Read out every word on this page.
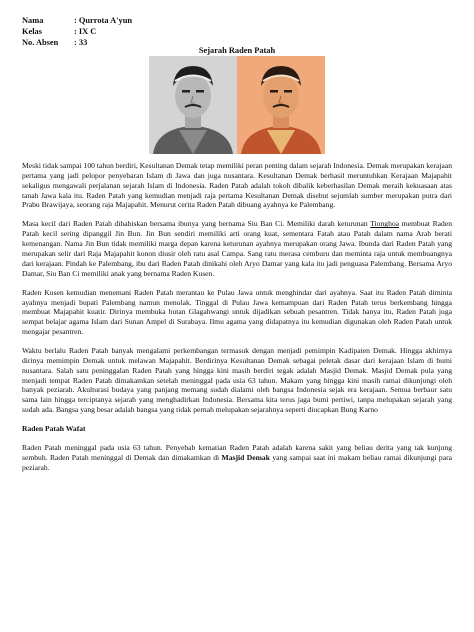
Nama	: Qurrota A'yun
Kelas	: IX C
No. Absen	: 33
Sejarah Raden Patah

Meski tidak sampai 100 tahun berdiri, Kesultanan Demak tetap memiliki peran penting dalam sejarah Indonesia. Demak merupakan kerajaan pertama yang jadi pelopor penyebaran Islam di Jawa dan juga nusantara. Kesultanan Demak berhasil meruntuhkan Kerajaan Majapahit sekaligus mengawali perjalanan sejarah Islam di Indonesia. Raden Patah adalah tokoh dibalik keberhasilan Demak meraih kekuasaan atas tanah Jawa kala itu. Raden Patah yang kemudian menjadi raja pertama Kesultanan Demak disebut sejumlah sumber merupakan putra dari Prabu Brawijaya, seorang raja Majapahit. Menurut cerita Raden Patah dibuang ayahnya ke Palembang.

Masa kecil dari Raden Patah dihabiskan bersama ibunya yang bernama Siu Ban Ci. Memiliki darah keturunan Tionghoa membuat Raden Patah kecil sering dipanggil Jin Bun. Jin Bun sendiri memiliki arti orang kuat, sementara Fatah atau Patah dalam nama Arab berati kemenangan. Nama Jin Bun tidak memiliki marga depan karena keturunan ayahnya merupakan orang Jawa. Ibunda dari Raden Patah yang merupakan selir dari Raja Majapahit konon diusir oleh ratu asal Campa. Sang ratu merasa cemburu dan meminta raja untuk membuangnya dari kerajaan. Pindah ke Palembang, ibu dari Raden Patah dinikahi oleh Aryo Damar yang kala itu jadi penguasa Palembang. Bersama Aryo Damar, Siu Ban Ci memiliki anak yang bernama Raden Kusen.

Raden Kusen kemudian menemani Raden Patah merantau ke Pulau Jawa untuk menghindar dari ayahnya. Saat itu Raden Patah diminta ayahnya menjadi bupati Palembang namun menolak. Tinggal di Pulau Jawa kemampuan dari Raden Patah terus berkembang hingga membuat Majapahit kuatir. Dirinya membuka hutan Glagahwangi untuk dijadikan sebuah pesantren. Tidak hanya itu, Raden Patah juga sempat belajar agama Islam dari Sunan Ampel di Surabaya. Ilmu agama yang didapatnya itu kemudian digunakan oleh Raden Patah untuk mengajar pesantren.

Waktu berlalu Raden Patah banyak mengalami perkembangan termasuk dengan menjadi pemimpin Kadipaten Demak. Hingga akhirnya dirinya memimpin Demak untuk melawan Majapahit. Berdirinya Kesultanan Demak sebagai peletak dasar dari kerajaan Islam di bumi nusantara. Salah satu peninggalan Raden Patah yang hingga kini masih berdiri tegak adalah Masjid Demak. Masjid Demak pula yang menjadi tempat Raden Patah dimakamkan setelah meninggal pada usia 63 tahun. Makam yang hingga kini masih ramai dikunjungi oleh banyak peziarah. Akulturasi budaya yang panjang memang sudah dialami oleh bangsa Indonesia sejak era kerajaan. Semua berbaur satu sama lain hingga terciptanya sejarah yang menghadirkan Indonesia. Bersama kita terus jaga bumi pertiwi, tanpa melupakan sejarah yang sudah ada. Bangsa yang besar adalah bangsa yang tidak pernah melupakan sejarahnya seperti diucapkan Bung Karno

Raden Patah Wafat

Raden Patah meninggal pada usia 63 tahun. Penyebab kematian Raden Patah adalah karena sakit yang beliau derita yang tak kunjung sembuh. Raden Patah meninggal di Demak dan dimakamkan di Masjid Demak yang sampai saat ini makam beliau ramai dikunjungi para peziarah.
